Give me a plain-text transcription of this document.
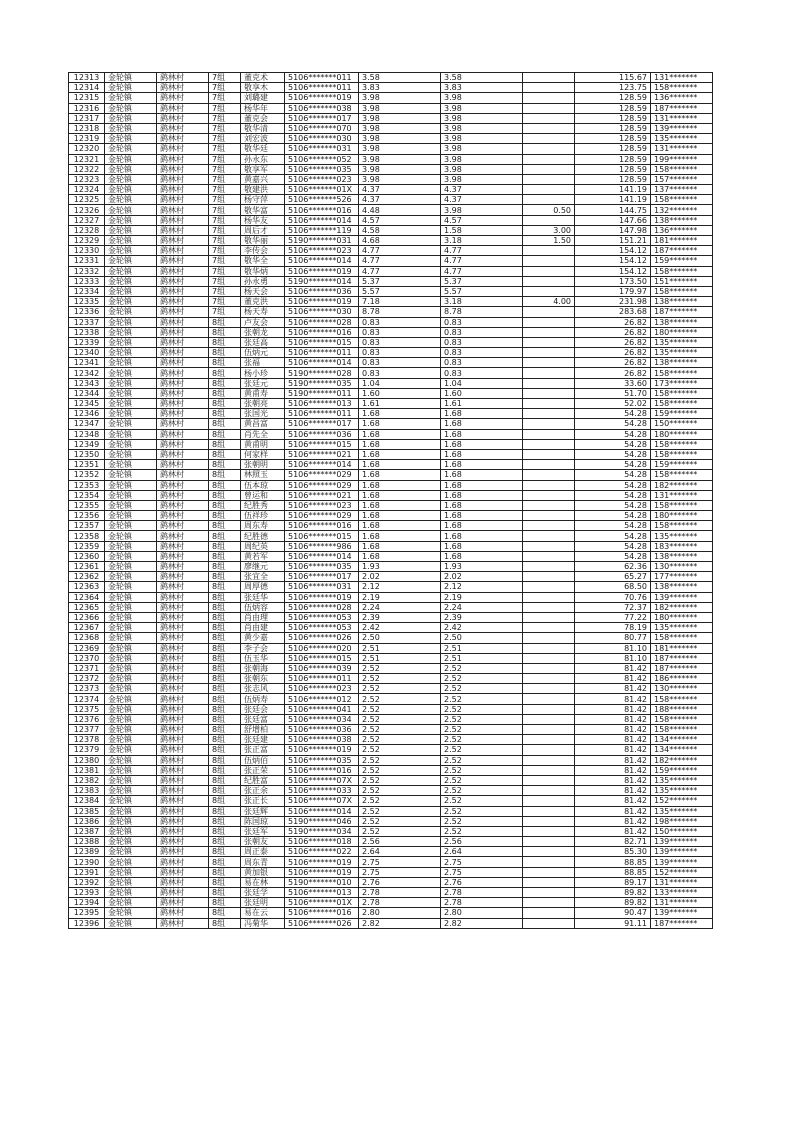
12313	金轮镇	鹞林村	7组	董克术	5106*******011	3.58	3.58		115.67	131*******
12314	金轮镇	鹞林村	7组	敬享木	5106*******011	3.83	3.83		123.75	158*******
12315	金轮镇	鹞林村	7组	刘璐建	5106*******019	3.98	3.98		128.59	136*******
12316	金轮镇	鹞林村	7组	杨华年	5106*******038	3.98	3.98		128.59	187*******
12317	金轮镇	鹞林村	7组	董克会	5106*******017	3.98	3.98		128.59	131*******
12318	金轮镇	鹞林村	7组	敬华清	5106*******070	3.98	3.98		128.59	139*******
12319	金轮镇	鹞林村	7组	刘宏波	5106*******030	3.98	3.98		128.59	135*******
12320	金轮镇	鹞林村	7组	敬华廷	5106*******031	3.98	3.98		128.59	131*******
12321	金轮镇	鹞林村	7组	孙永东	5106*******052	3.98	3.98		128.59	199*******
12322	金轮镇	鹞林村	7组	敬享军	5106*******035	3.98	3.98		128.59	158*******
12323	金轮镇	鹞林村	7组	黄嘉兴	5106*******023	3.98	3.98		128.59	157*******
12324	金轮镇	鹞林村	7组	敬建洪	5106*******01X	4.37	4.37		141.19	137*******
12325	金轮镇	鹞林村	7组	杨守萍	5106*******526	4.37	4.37		141.19	158*******
12326	金轮镇	鹞林村	7组	敬华富	5106*******016	4.48	3.98	0.50	144.75	132*******
12327	金轮镇	鹞林村	7组	杨华友	5106*******014	4.57	4.57		147.66	138*******
12328	金轮镇	鹞林村	7组	周后才	5106*******119	4.58	1.58	3.00	147.98	136*******
12329	金轮镇	鹞林村	7组	敬华丽	5190*******031	4.68	3.18	1.50	151.21	181*******
12330	金轮镇	鹞林村	7组	李传会	5106*******023	4.77	4.77		154.12	187*******
12331	金轮镇	鹞林村	7组	敬华全	5106*******014	4.77	4.77		154.12	159*******
12332	金轮镇	鹞林村	7组	敬华炳	5106*******019	4.77	4.77		154.12	158*******
12333	金轮镇	鹞林村	7组	孙永勇	5190*******014	5.37	5.37		173.50	151*******
12334	金轮镇	鹞林村	7组	杨天会	5106*******036	5.57	5.57		179.97	158*******
12335	金轮镇	鹞林村	7组	董克洪	5106*******019	7.18	3.18	4.00	231.98	138*******
12336	金轮镇	鹞林村	7组	杨天寿	5106*******030	8.78	8.78		283.68	187*******
12337	金轮镇	鹞林村	8组	卢友会	5106*******028	0.83	0.83		26.82	138*******
12338	金轮镇	鹞林村	8组	张朝龙	5106*******016	0.83	0.83		26.82	180*******
12339	金轮镇	鹞林村	8组	张廷高	5106*******015	0.83	0.83		26.82	135*******
12340	金轮镇	鹞林村	8组	伍炳元	5106*******011	0.83	0.83		26.82	135*******
12341	金轮镇	鹞林村	8组	张福	5106*******014	0.83	0.83		26.82	138*******
12342	金轮镇	鹞林村	8组	杨小珍	5190*******028	0.83	0.83		26.82	158*******
12343	金轮镇	鹞林村	8组	张廷元	5190*******035	1.04	1.04		33.60	173*******
12344	金轮镇	鹞林村	8组	黄甫寿	5190*******011	1.60	1.60		51.70	158*******
12345	金轮镇	鹞林村	8组	张朝亮	5106*******013	1.61	1.61		52.02	158*******
12346	金轮镇	鹞林村	8组	张国光	5106*******011	1.68	1.68		54.28	159*******
12347	金轮镇	鹞林村	8组	黄昌富	5106*******017	1.68	1.68		54.28	150*******
12348	金轮镇	鹞林村	8组	肖先全	5106*******036	1.68	1.68		54.28	180*******
12349	金轮镇	鹞林村	8组	黄甫明	5106*******015	1.68	1.68		54.28	158*******
12350	金轮镇	鹞林村	8组	何家样	5106*******021	1.68	1.68		54.28	158*******
12351	金轮镇	鹞林村	8组	张朝明	5106*******014	1.68	1.68		54.28	159*******
12352	金轮镇	鹞林村	8组	林照玉	5106*******029	1.68	1.68		54.28	158*******
12353	金轮镇	鹞林村	8组	伍本琼	5106*******029	1.68	1.68		54.28	182*******
12354	金轮镇	鹞林村	8组	曾运和	5106*******021	1.68	1.68		54.28	131*******
12355	金轮镇	鹞林村	8组	纪胜秀	5106*******023	1.68	1.68		54.28	158*******
12356	金轮镇	鹞林村	8组	伍祥珍	5106*******029	1.68	1.68		54.28	180*******
12357	金轮镇	鹞林村	8组	周东寿	5106*******016	1.68	1.68		54.28	158*******
12358	金轮镇	鹞林村	8组	纪胜德	5106*******015	1.68	1.68		54.28	135*******
12359	金轮镇	鹞林村	8组	周纪英	5106*******986	1.68	1.68		54.28	183*******
12360	金轮镇	鹞林村	8组	黄若军	5106*******014	1.68	1.68		54.28	138*******
12361	金轮镇	鹞林村	8组	廖继元	5106*******035	1.93	1.93		62.36	130*******
12362	金轮镇	鹞林村	8组	张宜全	5106*******017	2.02	2.02		65.27	177*******
12363	金轮镇	鹞林村	8组	周厚德	5106*******031	2.12	2.12		68.50	138*******
12364	金轮镇	鹞林村	8组	张廷华	5106*******019	2.19	2.19		70.76	139*******
12365	金轮镇	鹞林村	8组	伍炳容	5106*******028	2.24	2.24		72.37	182*******
12366	金轮镇	鹞林村	8组	肖由理	5106*******053	2.39	2.39		77.22	180*******
12367	金轮镇	鹞林村	8组	肖由建	5106*******053	2.42	2.42		78.19	135*******
12368	金轮镇	鹞林村	8组	黄少嘉	5106*******026	2.50	2.50		80.77	158*******
12369	金轮镇	鹞林村	8组	李子会	5106*******020	2.51	2.51		81.10	181*******
12370	金轮镇	鹞林村	8组	伍玉华	5106*******015	2.51	2.51		81.10	187*******
12371	金轮镇	鹞林村	8组	张朝海	5106*******039	2.52	2.52		81.42	187*******
12372	金轮镇	鹞林村	8组	张朝东	5106*******011	2.52	2.52		81.42	186*******
12373	金轮镇	鹞林村	8组	张志风	5106*******023	2.52	2.52		81.42	130*******
12374	金轮镇	鹞林村	8组	伍炳寿	5106*******012	2.52	2.52		81.42	158*******
12375	金轮镇	鹞林村	8组	张廷会	5106*******041	2.52	2.52		81.42	188*******
12376	金轮镇	鹞林村	8组	张廷富	5106*******034	2.52	2.52		81.42	158*******
12377	金轮镇	鹞林村	8组	舒增柏	5106*******036	2.52	2.52		81.42	158*******
12378	金轮镇	鹞林村	8组	张廷建	5106*******038	2.52	2.52		81.42	134*******
12379	金轮镇	鹞林村	8组	张正富	5106*******019	2.52	2.52		81.42	134*******
12380	金轮镇	鹞林村	8组	伍炳佰	5106*******035	2.52	2.52		81.42	182*******
12381	金轮镇	鹞林村	8组	张正荣	5106*******016	2.52	2.52		81.42	159*******
12382	金轮镇	鹞林村	8组	纪胜富	5106*******07X	2.52	2.52		81.42	135*******
12383	金轮镇	鹞林村	8组	张正余	5106*******033	2.52	2.52		81.42	135*******
12384	金轮镇	鹞林村	8组	张正长	5106*******07X	2.52	2.52		81.42	152*******
12385	金轮镇	鹞林村	8组	张廷辉	5106*******014	2.52	2.52		81.42	135*******
12386	金轮镇	鹞林村	8组	陈国琼	5190*******046	2.52	2.52		81.42	198*******
12387	金轮镇	鹞林村	8组	张廷军	5190*******034	2.52	2.52		81.42	150*******
12388	金轮镇	鹞林村	8组	张朝友	5106*******018	2.56	2.56		82.71	139*******
12389	金轮镇	鹞林村	8组	周正泰	5106*******022	2.64	2.64		85.30	139*******
12390	金轮镇	鹞林村	8组	周东青	5106*******019	2.75	2.75		88.85	139*******
12391	金轮镇	鹞林村	8组	黄加银	5106*******019	2.75	2.75		88.85	152*******
12392	金轮镇	鹞林村	8组	易在林	5190*******010	2.76	2.76		89.17	131*******
12393	金轮镇	鹞林村	8组	张廷学	5106*******013	2.78	2.78		89.82	133*******
12394	金轮镇	鹞林村	8组	张廷明	5106*******01X	2.78	2.78		89.82	131*******
12395	金轮镇	鹞林村	8组	易在云	5106*******016	2.80	2.80		90.47	139*******
12396	金轮镇	鹞林村	8组	冯菊华	5106*******026	2.82	2.82		91.11	187*******
